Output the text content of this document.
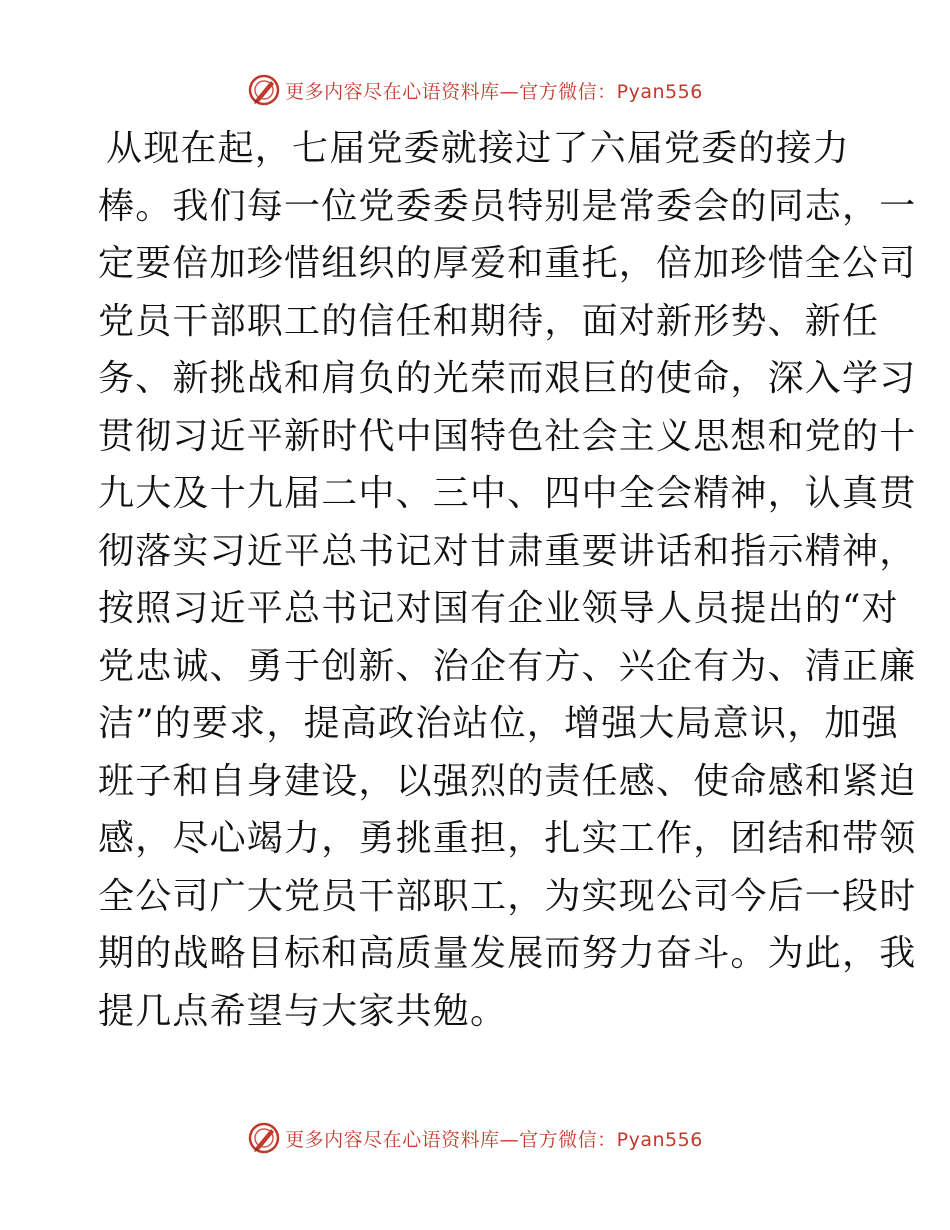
更多内容尽在心语资料库—官方微信：Pyan556
从现在起，七届党委就接过了六届党委的接力
棒。我们每一位党委委员特别是常委会的同志，一
定要倍加珍惜组织的厚爱和重托，倍加珍惜全公司
党员干部职工的信任和期待，面对新形势、新任
务、新挑战和肩负的光荣而艰巨的使命，深入学习
贯彻习近平新时代中国特色社会主义思想和党的十
九大及十九届二中、三中、四中全会精神，认真贯
彻落实习近平总书记对甘肃重要讲话和指示精神，
按照习近平总书记对国有企业领导人员提出的“对
党忠诚、勇于创新、治企有方、兴企有为、清正廉
洁”的要求，提高政治站位，增强大局意识，加强
班子和自身建设，以强烈的责任感、使命感和紧迫
感，尽心竭力，勇挑重担，扎实工作，团结和带领
全公司广大党员干部职工，为实现公司今后一段时
期的战略目标和高质量发展而努力奋斗。为此，我
提几点希望与大家共勉。
更多内容尽在心语资料库—官方微信：Pyan556
